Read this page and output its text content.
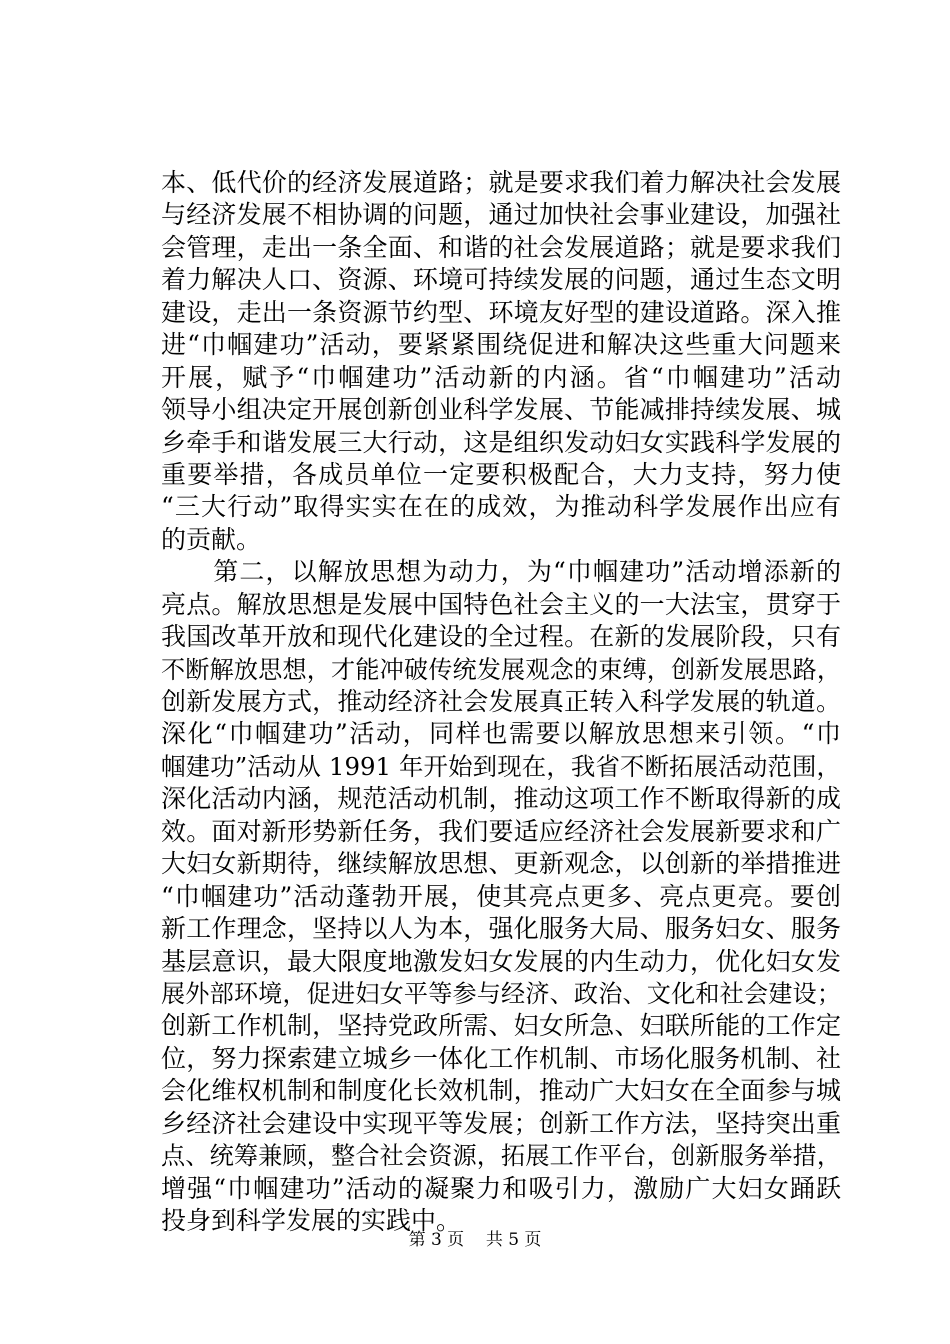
本、低代价的经济发展道路；就是要求我们着力解决社会发展
与经济发展不相协调的问题，通过加快社会事业建设，加强社
会管理，走出一条全面、和谐的社会发展道路；就是要求我们
着力解决人口、资源、环境可持续发展的问题，通过生态文明
建设，走出一条资源节约型、环境友好型的建设道路。深入推
进“巾帼建功”活动，要紧紧围绕促进和解决这些重大问题来
开展，赋予“巾帼建功”活动新的内涵。省“巾帼建功”活动
领导小组决定开展创新创业科学发展、节能减排持续发展、城
乡牵手和谐发展三大行动，这是组织发动妇女实践科学发展的
重要举措，各成员单位一定要积极配合，大力支持，努力使
“三大行动”取得实实在在的成效，为推动科学发展作出应有
的贡献。
　　第二，以解放思想为动力，为“巾帼建功”活动增添新的
亮点。解放思想是发展中国特色社会主义的一大法宝，贯穿于
我国改革开放和现代化建设的全过程。在新的发展阶段，只有
不断解放思想，才能冲破传统发展观念的束缚，创新发展思路，
创新发展方式，推动经济社会发展真正转入科学发展的轨道。
深化“巾帼建功”活动，同样也需要以解放思想来引领。“巾
帼建功”活动从 1991 年开始到现在，我省不断拓展活动范围，
深化活动内涵，规范活动机制，推动这项工作不断取得新的成
效。面对新形势新任务，我们要适应经济社会发展新要求和广
大妇女新期待，继续解放思想、更新观念，以创新的举措推进
“巾帼建功”活动蓬勃开展，使其亮点更多、亮点更亮。要创
新工作理念，坚持以人为本，强化服务大局、服务妇女、服务
基层意识，最大限度地激发妇女发展的内生动力，优化妇女发
展外部环境，促进妇女平等参与经济、政治、文化和社会建设；
创新工作机制，坚持党政所需、妇女所急、妇联所能的工作定
位，努力探索建立城乡一体化工作机制、市场化服务机制、社
会化维权机制和制度化长效机制，推动广大妇女在全面参与城
乡经济社会建设中实现平等发展；创新工作方法，坚持突出重
点、统筹兼顾，整合社会资源，拓展工作平台，创新服务举措，
增强“巾帼建功”活动的凝聚力和吸引力，激励广大妇女踊跃
投身到科学发展的实践中。
第 3 页 共 5 页
